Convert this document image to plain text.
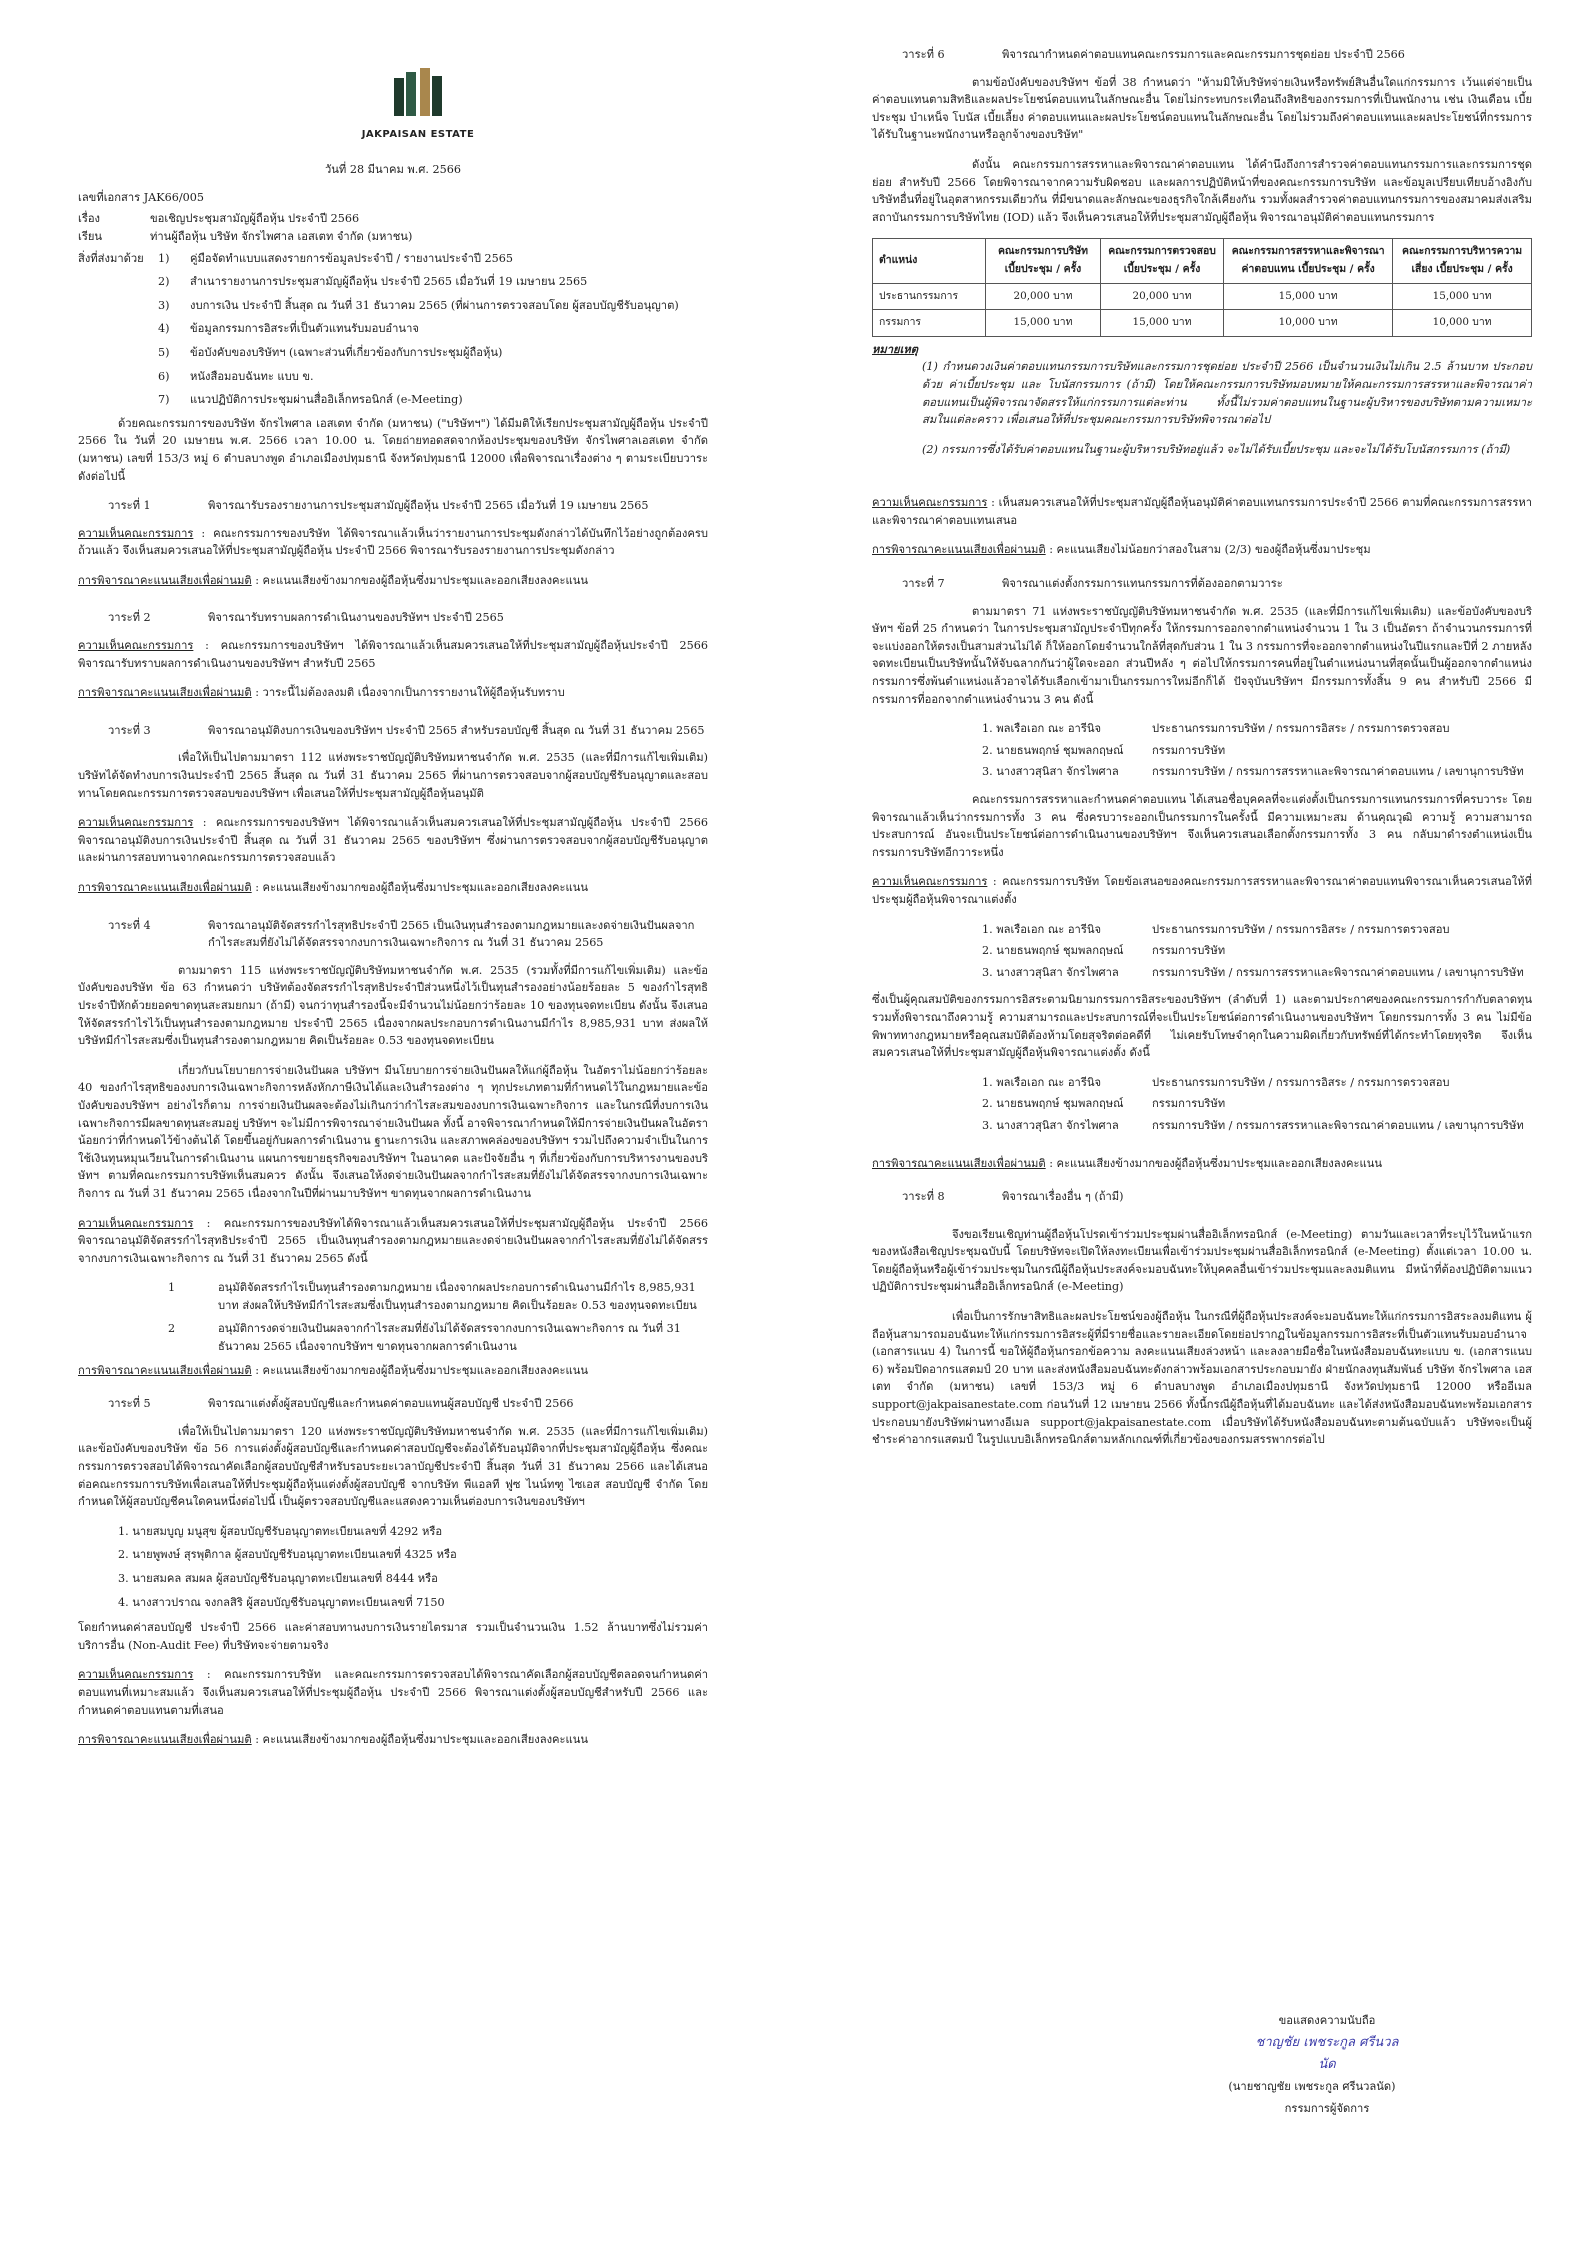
JAKPAISAN ESTATE
วันที่ 28 มีนาคม พ.ศ. 2566
เลขที่เอกสาร JAK66/005
เรื่อง	ขอเชิญประชุมสามัญผู้ถือหุ้น ประจำปี 2566
เรียน	ท่านผู้ถือหุ้น บริษัท จักรไพศาล เอสเตท จำกัด (มหาชน)
สิ่งที่ส่งมาด้วย	1)	คู่มือจัดทำแบบแสดงรายการข้อมูลประจำปี / รายงานประจำปี 2565
2)	สำเนารายงานการประชุมสามัญผู้ถือหุ้น ประจำปี 2565 เมื่อวันที่ 19 เมษายน 2565
3)	งบการเงิน ประจำปี สิ้นสุด ณ วันที่ 31 ธันวาคม 2565 (ที่ผ่านการตรวจสอบโดย ผู้สอบบัญชีรับอนุญาต)
4)	ข้อมูลกรรมการอิสระที่เป็นตัวแทนรับมอบอำนาจ
5)	ข้อบังคับของบริษัทฯ (เฉพาะส่วนที่เกี่ยวข้องกับการประชุมผู้ถือหุ้น)
6)	หนังสือมอบฉันทะ แบบ ข.
7)	แนวปฏิบัติการประชุมผ่านสื่ออิเล็กทรอนิกส์ (e-Meeting)

ด้วยคณะกรรมการของบริษัท จักรไพศาล เอสเตท จำกัด (มหาชน) ("บริษัทฯ") ได้มีมติให้เรียกประชุมสามัญผู้ถือหุ้น ประจำปี 2566 ใน วันที่ 20 เมษายน พ.ศ. 2566 เวลา 10.00 น. โดยถ่ายทอดสดจากห้องประชุมของบริษัท จักรไพศาลเอสเตท จำกัด (มหาชน) เลขที่ 153/3 หมู่ 6 ตำบลบางพูด อำเภอเมืองปทุมธานี จังหวัดปทุมธานี 12000 เพื่อพิจารณาเรื่องต่าง ๆ ตามระเบียบวาระดังต่อไปนี้

วาระที่ 1	พิจารณารับรองรายงานการประชุมสามัญผู้ถือหุ้น ประจำปี 2565 เมื่อวันที่ 19 เมษายน 2565

ความเห็นคณะกรรมการ : คณะกรรมการของบริษัท ได้พิจารณาแล้วเห็นว่ารายงานการประชุมดังกล่าวได้บันทึกไว้อย่างถูกต้องครบถ้วนแล้ว จึงเห็นสมควรเสนอให้ที่ประชุมสามัญผู้ถือหุ้น ประจำปี 2566 พิจารณารับรองรายงานการประชุมดังกล่าว

การพิจารณาคะแนนเสียงเพื่อผ่านมติ : คะแนนเสียงข้างมากของผู้ถือหุ้นซึ่งมาประชุมและออกเสียงลงคะแนน

วาระที่ 2	พิจารณารับทราบผลการดำเนินงานของบริษัทฯ ประจำปี 2565

ความเห็นคณะกรรมการ : คณะกรรมการของบริษัทฯ ได้พิจารณาแล้วเห็นสมควรเสนอให้ที่ประชุมสามัญผู้ถือหุ้นประจำปี 2566 พิจารณารับทราบผลการดำเนินงานของบริษัทฯ สำหรับปี 2565

การพิจารณาคะแนนเสียงเพื่อผ่านมติ : วาระนี้ไม่ต้องลงมติ เนื่องจากเป็นการรายงานให้ผู้ถือหุ้นรับทราบ

วาระที่ 3	พิจารณาอนุมัติงบการเงินของบริษัทฯ ประจำปี 2565 สำหรับรอบบัญชี สิ้นสุด ณ วันที่ 31 ธันวาคม 2565

เพื่อให้เป็นไปตามมาตรา 112 แห่งพระราชบัญญัติบริษัทมหาชนจำกัด พ.ศ. 2535 (และที่มีการแก้ไขเพิ่มเติม) บริษัทได้จัดทำงบการเงินประจำปี 2565 สิ้นสุด ณ วันที่ 31 ธันวาคม 2565 ที่ผ่านการตรวจสอบจากผู้สอบบัญชีรับอนุญาตและสอบทานโดยคณะกรรมการตรวจสอบของบริษัทฯ เพื่อเสนอให้ที่ประชุมสามัญผู้ถือหุ้นอนุมัติ

ความเห็นคณะกรรมการ : คณะกรรมการของบริษัทฯ ได้พิจารณาแล้วเห็นสมควรเสนอให้ที่ประชุมสามัญผู้ถือหุ้น ประจำปี 2566 พิจารณาอนุมัติงบการเงินประจำปี สิ้นสุด ณ วันที่ 31 ธันวาคม 2565 ของบริษัทฯ ซึ่งผ่านการตรวจสอบจากผู้สอบบัญชีรับอนุญาต และผ่านการสอบทานจากคณะกรรมการตรวจสอบแล้ว

การพิจารณาคะแนนเสียงเพื่อผ่านมติ : คะแนนเสียงข้างมากของผู้ถือหุ้นซึ่งมาประชุมและออกเสียงลงคะแนน

วาระที่ 4	พิจารณาอนุมัติจัดสรรกำไรสุทธิประจำปี 2565 เป็นเงินทุนสำรองตามกฎหมายและงดจ่ายเงินปันผลจากกำไรสะสมที่ยังไม่ได้จัดสรรจากงบการเงินเฉพาะกิจการ ณ วันที่ 31 ธันวาคม 2565

ตามมาตรา 115 แห่งพระราชบัญญัติบริษัทมหาชนจำกัด พ.ศ. 2535 (รวมทั้งที่มีการแก้ไขเพิ่มเติม) และข้อบังคับของบริษัท ข้อ 63 กำหนดว่า บริษัทต้องจัดสรรกำไรสุทธิประจำปีส่วนหนึ่งไว้เป็นทุนสำรองอย่างน้อยร้อยละ 5 ของกำไรสุทธิประจำปีหักด้วยยอดขาดทุนสะสมยกมา (ถ้ามี) จนกว่าทุนสำรองนี้จะมีจำนวนไม่น้อยกว่าร้อยละ 10 ของทุนจดทะเบียน ดังนั้น จึงเสนอให้จัดสรรกำไรไว้เป็นทุนสำรองตามกฎหมาย ประจำปี 2565 เนื่องจากผลประกอบการดำเนินงานมีกำไร 8,985,931 บาท ส่งผลให้บริษัทมีกำไรสะสมซึ่งเป็นทุนสำรองตามกฎหมาย คิดเป็นร้อยละ 0.53 ของทุนจดทะเบียน

เกี่ยวกับนโยบายการจ่ายเงินปันผล บริษัทฯ มีนโยบายการจ่ายเงินปันผลให้แก่ผู้ถือหุ้น ในอัตราไม่น้อยกว่าร้อยละ 40 ของกำไรสุทธิของงบการเงินเฉพาะกิจการหลังหักภาษีเงินได้และเงินสำรองต่าง ๆ ทุกประเภทตามที่กำหนดไว้ในกฎหมายและข้อบังคับของบริษัทฯ อย่างไรก็ตาม การจ่ายเงินปันผลจะต้องไม่เกินกว่ากำไรสะสมของงบการเงินเฉพาะกิจการ และในกรณีที่งบการเงินเฉพาะกิจการมีผลขาดทุนสะสมอยู่ บริษัทฯ จะไม่มีการพิจารณาจ่ายเงินปันผล ทั้งนี้ อาจพิจารณากำหนดให้มีการจ่ายเงินปันผลในอัตราน้อยกว่าที่กำหนดไว้ข้างต้นได้ โดยขึ้นอยู่กับผลการดำเนินงาน ฐานะการเงิน และสภาพคล่องของบริษัทฯ รวมไปถึงความจำเป็นในการใช้เงินทุนหมุนเวียนในการดำเนินงาน แผนการขยายธุรกิจของบริษัทฯ ในอนาคต และปัจจัยอื่น ๆ ที่เกี่ยวข้องกับการบริหารงานของบริษัทฯ ตามที่คณะกรรมการบริษัทเห็นสมควร ดังนั้น จึงเสนอให้งดจ่ายเงินปันผลจากกำไรสะสมที่ยังไม่ได้จัดสรรจากงบการเงินเฉพาะกิจการ ณ วันที่ 31 ธันวาคม 2565 เนื่องจากในปีที่ผ่านมาบริษัทฯ ขาดทุนจากผลการดำเนินงาน

ความเห็นคณะกรรมการ : คณะกรรมการของบริษัทได้พิจารณาแล้วเห็นสมควรเสนอให้ที่ประชุมสามัญผู้ถือหุ้น ประจำปี 2566 พิจารณาอนุมัติจัดสรรกำไรสุทธิประจำปี 2565 เป็นเงินทุนสำรองตามกฎหมายและงดจ่ายเงินปันผลจากกำไรสะสมที่ยังไม่ได้จัดสรรจากงบการเงินเฉพาะกิจการ ณ วันที่ 31 ธันวาคม 2565 ดังนี้

1	อนุมัติจัดสรรกำไรเป็นทุนสำรองตามกฎหมาย เนื่องจากผลประกอบการดำเนินงานมีกำไร 8,985,931 บาท ส่งผลให้บริษัทมีกำไรสะสมซึ่งเป็นทุนสำรองตามกฎหมาย คิดเป็นร้อยละ 0.53 ของทุนจดทะเบียน
2	อนุมัติการงดจ่ายเงินปันผลจากกำไรสะสมที่ยังไม่ได้จัดสรรจากงบการเงินเฉพาะกิจการ ณ วันที่ 31 ธันวาคม 2565 เนื่องจากบริษัทฯ ขาดทุนจากผลการดำเนินงาน

การพิจารณาคะแนนเสียงเพื่อผ่านมติ : คะแนนเสียงข้างมากของผู้ถือหุ้นซึ่งมาประชุมและออกเสียงลงคะแนน

วาระที่ 5	พิจารณาแต่งตั้งผู้สอบบัญชีและกำหนดค่าตอบแทนผู้สอบบัญชี ประจำปี 2566

เพื่อให้เป็นไปตามมาตรา 120 แห่งพระราชบัญญัติบริษัทมหาชนจำกัด พ.ศ. 2535 (และที่มีการแก้ไขเพิ่มเติม) และข้อบังคับของบริษัท ข้อ 56 การแต่งตั้งผู้สอบบัญชีและกำหนดค่าสอบบัญชีจะต้องได้รับอนุมัติจากที่ประชุมสามัญผู้ถือหุ้น ซึ่งคณะกรรมการตรวจสอบได้พิจารณาคัดเลือกผู้สอบบัญชีสำหรับรอบระยะเวลาบัญชีประจำปี สิ้นสุด วันที่ 31 ธันวาคม 2566 และได้เสนอต่อคณะกรรมการบริษัทเพื่อเสนอให้ที่ประชุมผู้ถือหุ้นแต่งตั้งผู้สอบบัญชี จากบริษัท พีแอลที ฟูซ ไนน์ทฑู ไซเอส สอบบัญชี จำกัด โดยกำหนดให้ผู้สอบบัญชีคนใดคนหนึ่งต่อไปนี้ เป็นผู้ตรวจสอบบัญชีและแสดงความเห็นต่องบการเงินของบริษัทฯ

1. นายสมบูญ มนูสุข ผู้สอบบัญชีรับอนุญาตทะเบียนเลขที่ 4292 หรือ
2. นายพูพงษ์ สุรพุติกาล ผู้สอบบัญชีรับอนุญาตทะเบียนเลขที่ 4325 หรือ
3. นายสมคล สมผล ผู้สอบบัญชีรับอนุญาตทะเบียนเลขที่ 8444 หรือ
4. นางสาวปราณ จงกลสิริ ผู้สอบบัญชีรับอนุญาตทะเบียนเลขที่ 7150

โดยกำหนดค่าสอบบัญชี ประจำปี 2566 และค่าสอบทานงบการเงินรายไตรมาส รวมเป็นจำนวนเงิน 1.52 ล้านบาทซึ่งไม่รวมค่าบริการอื่น (Non-Audit Fee) ที่บริษัทจะจ่ายตามจริง

ความเห็นคณะกรรมการ : คณะกรรมการบริษัท และคณะกรรมการตรวจสอบได้พิจารณาคัดเลือกผู้สอบบัญชีตลอดจนกำหนดค่าตอบแทนที่เหมาะสมแล้ว จึงเห็นสมควรเสนอให้ที่ประชุมผู้ถือหุ้น ประจำปี 2566 พิจารณาแต่งตั้งผู้สอบบัญชีสำหรับปี 2566 และกำหนดค่าตอบแทนตามที่เสนอ

การพิจารณาคะแนนเสียงเพื่อผ่านมติ : คะแนนเสียงข้างมากของผู้ถือหุ้นซึ่งมาประชุมและออกเสียงลงคะแนน

วาระที่ 6	พิจารณากำหนดค่าตอบแทนคณะกรรมการและคณะกรรมการชุดย่อย ประจำปี 2566

ตามข้อบังคับของบริษัทฯ ข้อที่ 38 กำหนดว่า "ห้ามมิให้บริษัทจ่ายเงินหรือทรัพย์สินอื่นใดแก่กรรมการ เว้นแต่จ่ายเป็นค่าตอบแทนตามสิทธิและผลประโยชน์ตอบแทนในลักษณะอื่น โดยไม่กระทบกระเทือนถึงสิทธิของกรรมการที่เป็นพนักงาน เช่น เงินเดือน เบี้ยประชุม บำเหน็จ โบนัส เบี้ยเลี้ยง ค่าตอบแทนและผลประโยชน์ตอบแทนในลักษณะอื่น โดยไม่รวมถึงค่าตอบแทนและผลประโยชน์ที่กรรมการได้รับในฐานะพนักงานหรือลูกจ้างของบริษัท"

ดังนั้น คณะกรรมการสรรหาและพิจารณาค่าตอบแทน ได้คำนึงถึงการสำรวจค่าตอบแทนกรรมการและกรรมการชุดย่อย สำหรับปี 2566 โดยพิจารณาจากความรับผิดชอบ และผลการปฏิบัติหน้าที่ของคณะกรรมการบริษัท และข้อมูลเปรียบเทียบอ้างอิงกับบริษัทอื่นที่อยู่ในอุตสาหกรรมเดียวกัน ที่มีขนาดและลักษณะของธุรกิจใกล้เคียงกัน รวมทั้งผลสำรวจค่าตอบแทนกรรมการของสมาคมส่งเสริมสถาบันกรรมการบริษัทไทย (IOD) แล้ว จึงเห็นควรเสนอให้ที่ประชุมสามัญผู้ถือหุ้น พิจารณาอนุมัติค่าตอบแทนกรรมการ

ตำแหน่ง	คณะกรรมการบริษัท เบี้ยประชุม / ครั้ง	คณะกรรมการตรวจสอบ เบี้ยประชุม / ครั้ง	คณะกรรมการสรรหาและพิจารณาค่าตอบแทน เบี้ยประชุม / ครั้ง	คณะกรรมการบริหารความเสี่ยง เบี้ยประชุม / ครั้ง
ประธานกรรมการ	20,000 บาท	20,000 บาท	15,000 บาท	15,000 บาท
กรรมการ	15,000 บาท	15,000 บาท	10,000 บาท	10,000 บาท
หมายเหตุ

(1) กำหนดวงเงินค่าตอบแทนกรรมการบริษัทและกรรมการชุดย่อย ประจำปี 2566 เป็นจำนวนเงินไม่เกิน 2.5 ล้านบาท ประกอบด้วย ค่าเบี้ยประชุม และ โบนัสกรรมการ (ถ้ามี) โดยให้คณะกรรมการบริษัทมอบหมายให้คณะกรรมการสรรหาและพิจารณาค่าตอบแทนเป็นผู้พิจารณาจัดสรรให้แก่กรรมการแต่ละท่าน ทั้งนี้ไม่รวมค่าตอบแทนในฐานะผู้บริหารของบริษัทตามความเหมาะสมในแต่ละคราว เพื่อเสนอให้ที่ประชุมคณะกรรมการบริษัทพิจารณาต่อไป

(2) กรรมการซึ่งได้รับค่าตอบแทนในฐานะผู้บริหารบริษัทอยู่แล้ว จะไม่ได้รับเบี้ยประชุม และจะไม่ได้รับโบนัสกรรมการ (ถ้ามี)

ความเห็นคณะกรรมการ : เห็นสมควรเสนอให้ที่ประชุมสามัญผู้ถือหุ้นอนุมัติค่าตอบแทนกรรมการประจำปี 2566 ตามที่คณะกรรมการสรรหาและพิจารณาค่าตอบแทนเสนอ

การพิจารณาคะแนนเสียงเพื่อผ่านมติ : คะแนนเสียงไม่น้อยกว่าสองในสาม (2/3) ของผู้ถือหุ้นซึ่งมาประชุม

วาระที่ 7	พิจารณาแต่งตั้งกรรมการแทนกรรมการที่ต้องออกตามวาระ

ตามมาตรา 71 แห่งพระราชบัญญัติบริษัทมหาชนจำกัด พ.ศ. 2535 (และที่มีการแก้ไขเพิ่มเติม) และข้อบังคับของบริษัทฯ ข้อที่ 25 กำหนดว่า ในการประชุมสามัญประจำปีทุกครั้ง ให้กรรมการออกจากตำแหน่งจำนวน 1 ใน 3 เป็นอัตรา ถ้าจำนวนกรรมการที่จะแบ่งออกให้ตรงเป็นสามส่วนไม่ได้ ก็ให้ออกโดยจำนวนใกล้ที่สุดกับส่วน 1 ใน 3 กรรมการที่จะออกจากตำแหน่งในปีแรกและปีที่ 2 ภายหลังจดทะเบียนเป็นบริษัทนั้นให้จับฉลากกันว่าผู้ใดจะออก ส่วนปีหลัง ๆ ต่อไปให้กรรมการคนที่อยู่ในตำแหน่งนานที่สุดนั้นเป็นผู้ออกจากตำแหน่ง กรรมการซึ่งพ้นตำแหน่งแล้วอาจได้รับเลือกเข้ามาเป็นกรรมการใหม่อีกก็ได้ ปัจจุบันบริษัทฯ มีกรรมการทั้งสิ้น 9 คน สำหรับปี 2566 มีกรรมการที่ออกจากตำแหน่งจำนวน 3 คน ดังนี้

1. พลเรือเอก ณะ อารีนิจ	ประธานกรรมการบริษัท / กรรมการอิสระ / กรรมการตรวจสอบ
2. นายธนพฤกษ์ ชุมพลกฤษณ์	กรรมการบริษัท
3. นางสาวสุนิสา จักรไพศาล	กรรมการบริษัท / กรรมการสรรหาและพิจารณาค่าตอบแทน / เลขานุการบริษัท

คณะกรรมการสรรหาและกำหนดค่าตอบแทน ได้เสนอชื่อบุคคลที่จะแต่งตั้งเป็นกรรมการแทนกรรมการที่ครบวาระ โดยพิจารณาแล้วเห็นว่ากรรมการทั้ง 3 คน ซึ่งครบวาระออกเป็นกรรมการในครั้งนี้ มีความเหมาะสม ด้านคุณวุฒิ ความรู้ ความสามารถ ประสบการณ์ อันจะเป็นประโยชน์ต่อการดำเนินงานของบริษัทฯ จึงเห็นควรเสนอเลือกตั้งกรรมการทั้ง 3 คน กลับมาดำรงตำแหน่งเป็นกรรมการบริษัทอีกวาระหนึ่ง

ความเห็นคณะกรรมการ : คณะกรรมการบริษัท โดยข้อเสนอของคณะกรรมการสรรหาและพิจารณาค่าตอบแทนพิจารณาเห็นควรเสนอให้ที่ประชุมผู้ถือหุ้นพิจารณาแต่งตั้ง

1. พลเรือเอก ณะ อารีนิจ	ประธานกรรมการบริษัท / กรรมการอิสระ / กรรมการตรวจสอบ
2. นายธนพฤกษ์ ชุมพลกฤษณ์	กรรมการบริษัท
3. นางสาวสุนิสา จักรไพศาล	กรรมการบริษัท / กรรมการสรรหาและพิจารณาค่าตอบแทน / เลขานุการบริษัท

ซึ่งเป็นผู้คุณสมบัติของกรรมการอิสระตามนิยามกรรมการอิสระของบริษัทฯ (ลำดับที่ 1) และตามประกาศของคณะกรรมการกำกับตลาดทุน รวมทั้งพิจารณาถึงความรู้ ความสามารถและประสบการณ์ที่จะเป็นประโยชน์ต่อการดำเนินงานของบริษัทฯ โดยกรรมการทั้ง 3 คน ไม่มีข้อพิพาททางกฎหมายหรือคุณสมบัติต้องห้ามโดยสุจริตต่อคดีที่ ไม่เคยรับโทษจำคุกในความผิดเกี่ยวกับทรัพย์ที่ได้กระทำโดยทุจริต จึงเห็นสมควรเสนอให้ที่ประชุมสามัญผู้ถือหุ้นพิจารณาแต่งตั้ง ดังนี้

1. พลเรือเอก ณะ อารีนิจ	ประธานกรรมการบริษัท / กรรมการอิสระ / กรรมการตรวจสอบ
2. นายธนพฤกษ์ ชุมพลกฤษณ์	กรรมการบริษัท
3. นางสาวสุนิสา จักรไพศาล	กรรมการบริษัท / กรรมการสรรหาและพิจารณาค่าตอบแทน / เลขานุการบริษัท

การพิจารณาคะแนนเสียงเพื่อผ่านมติ : คะแนนเสียงข้างมากของผู้ถือหุ้นซึ่งมาประชุมและออกเสียงลงคะแนน

วาระที่ 8	พิจารณาเรื่องอื่น ๆ (ถ้ามี)

จึงขอเรียนเชิญท่านผู้ถือหุ้นโปรดเข้าร่วมประชุมผ่านสื่ออิเล็กทรอนิกส์ (e-Meeting) ตามวันและเวลาที่ระบุไว้ในหน้าแรกของหนังสือเชิญประชุมฉบับนี้ โดยบริษัทจะเปิดให้ลงทะเบียนเพื่อเข้าร่วมประชุมผ่านสื่ออิเล็กทรอนิกส์ (e-Meeting) ตั้งแต่เวลา 10.00 น. โดยผู้ถือหุ้นหรือผู้เข้าร่วมประชุมในกรณีผู้ถือหุ้นประสงค์จะมอบฉันทะให้บุคคลอื่นเข้าร่วมประชุมและลงมติแทน มีหน้าที่ต้องปฏิบัติตามแนวปฏิบัติการประชุมผ่านสื่ออิเล็กทรอนิกส์ (e-Meeting)

เพื่อเป็นการรักษาสิทธิและผลประโยชน์ของผู้ถือหุ้น ในกรณีที่ผู้ถือหุ้นประสงค์จะมอบฉันทะให้แก่กรรมการอิสระลงมติแทน ผู้ถือหุ้นสามารถมอบฉันทะให้แก่กรรมการอิสระผู้ที่มีรายชื่อและรายละเอียดโดยย่อปรากฏในข้อมูลกรรมการอิสระที่เป็นตัวแทนรับมอบอำนาจ (เอกสารแนบ 4) ในการนี้ ขอให้ผู้ถือหุ้นกรอกข้อความ ลงคะแนนเสียงล่วงหน้า และลงลายมือชื่อในหนังสือมอบฉันทะแบบ ข. (เอกสารแนบ 6) พร้อมปิดอากรแสตมป์ 20 บาท และส่งหนังสือมอบฉันทะดังกล่าวพร้อมเอกสารประกอบมายัง ฝ่ายนักลงทุนสัมพันธ์ บริษัท จักรไพศาล เอสเตท จำกัด (มหาชน) เลขที่ 153/3 หมู่ 6 ตำบลบางพูด อำเภอเมืองปทุมธานี จังหวัดปทุมธานี 12000 หรืออีเมล support@jakpaisanestate.com ก่อนวันที่ 12 เมษายน 2566 ทั้งนี้กรณีผู้ถือหุ้นที่ได้มอบฉันทะ และได้ส่งหนังสือมอบฉันทะพร้อมเอกสารประกอบมายังบริษัทผ่านทางอีเมล support@jakpaisanestate.com เมื่อบริษัทได้รับหนังสือมอบฉันทะตามต้นฉบับแล้ว บริษัทจะเป็นผู้ชำระค่าอากรแสตมป์ ในรูปแบบอิเล็กทรอนิกส์ตามหลักเกณฑ์ที่เกี่ยวข้องของกรมสรรพากรต่อไป

ขอแสดงความนับถือ
ชาญชัย เพชระกูล ศรีนวลนัด
(นายชาญชัย เพชระกูล ศรีนวลนัด)
กรรมการผู้จัดการ
